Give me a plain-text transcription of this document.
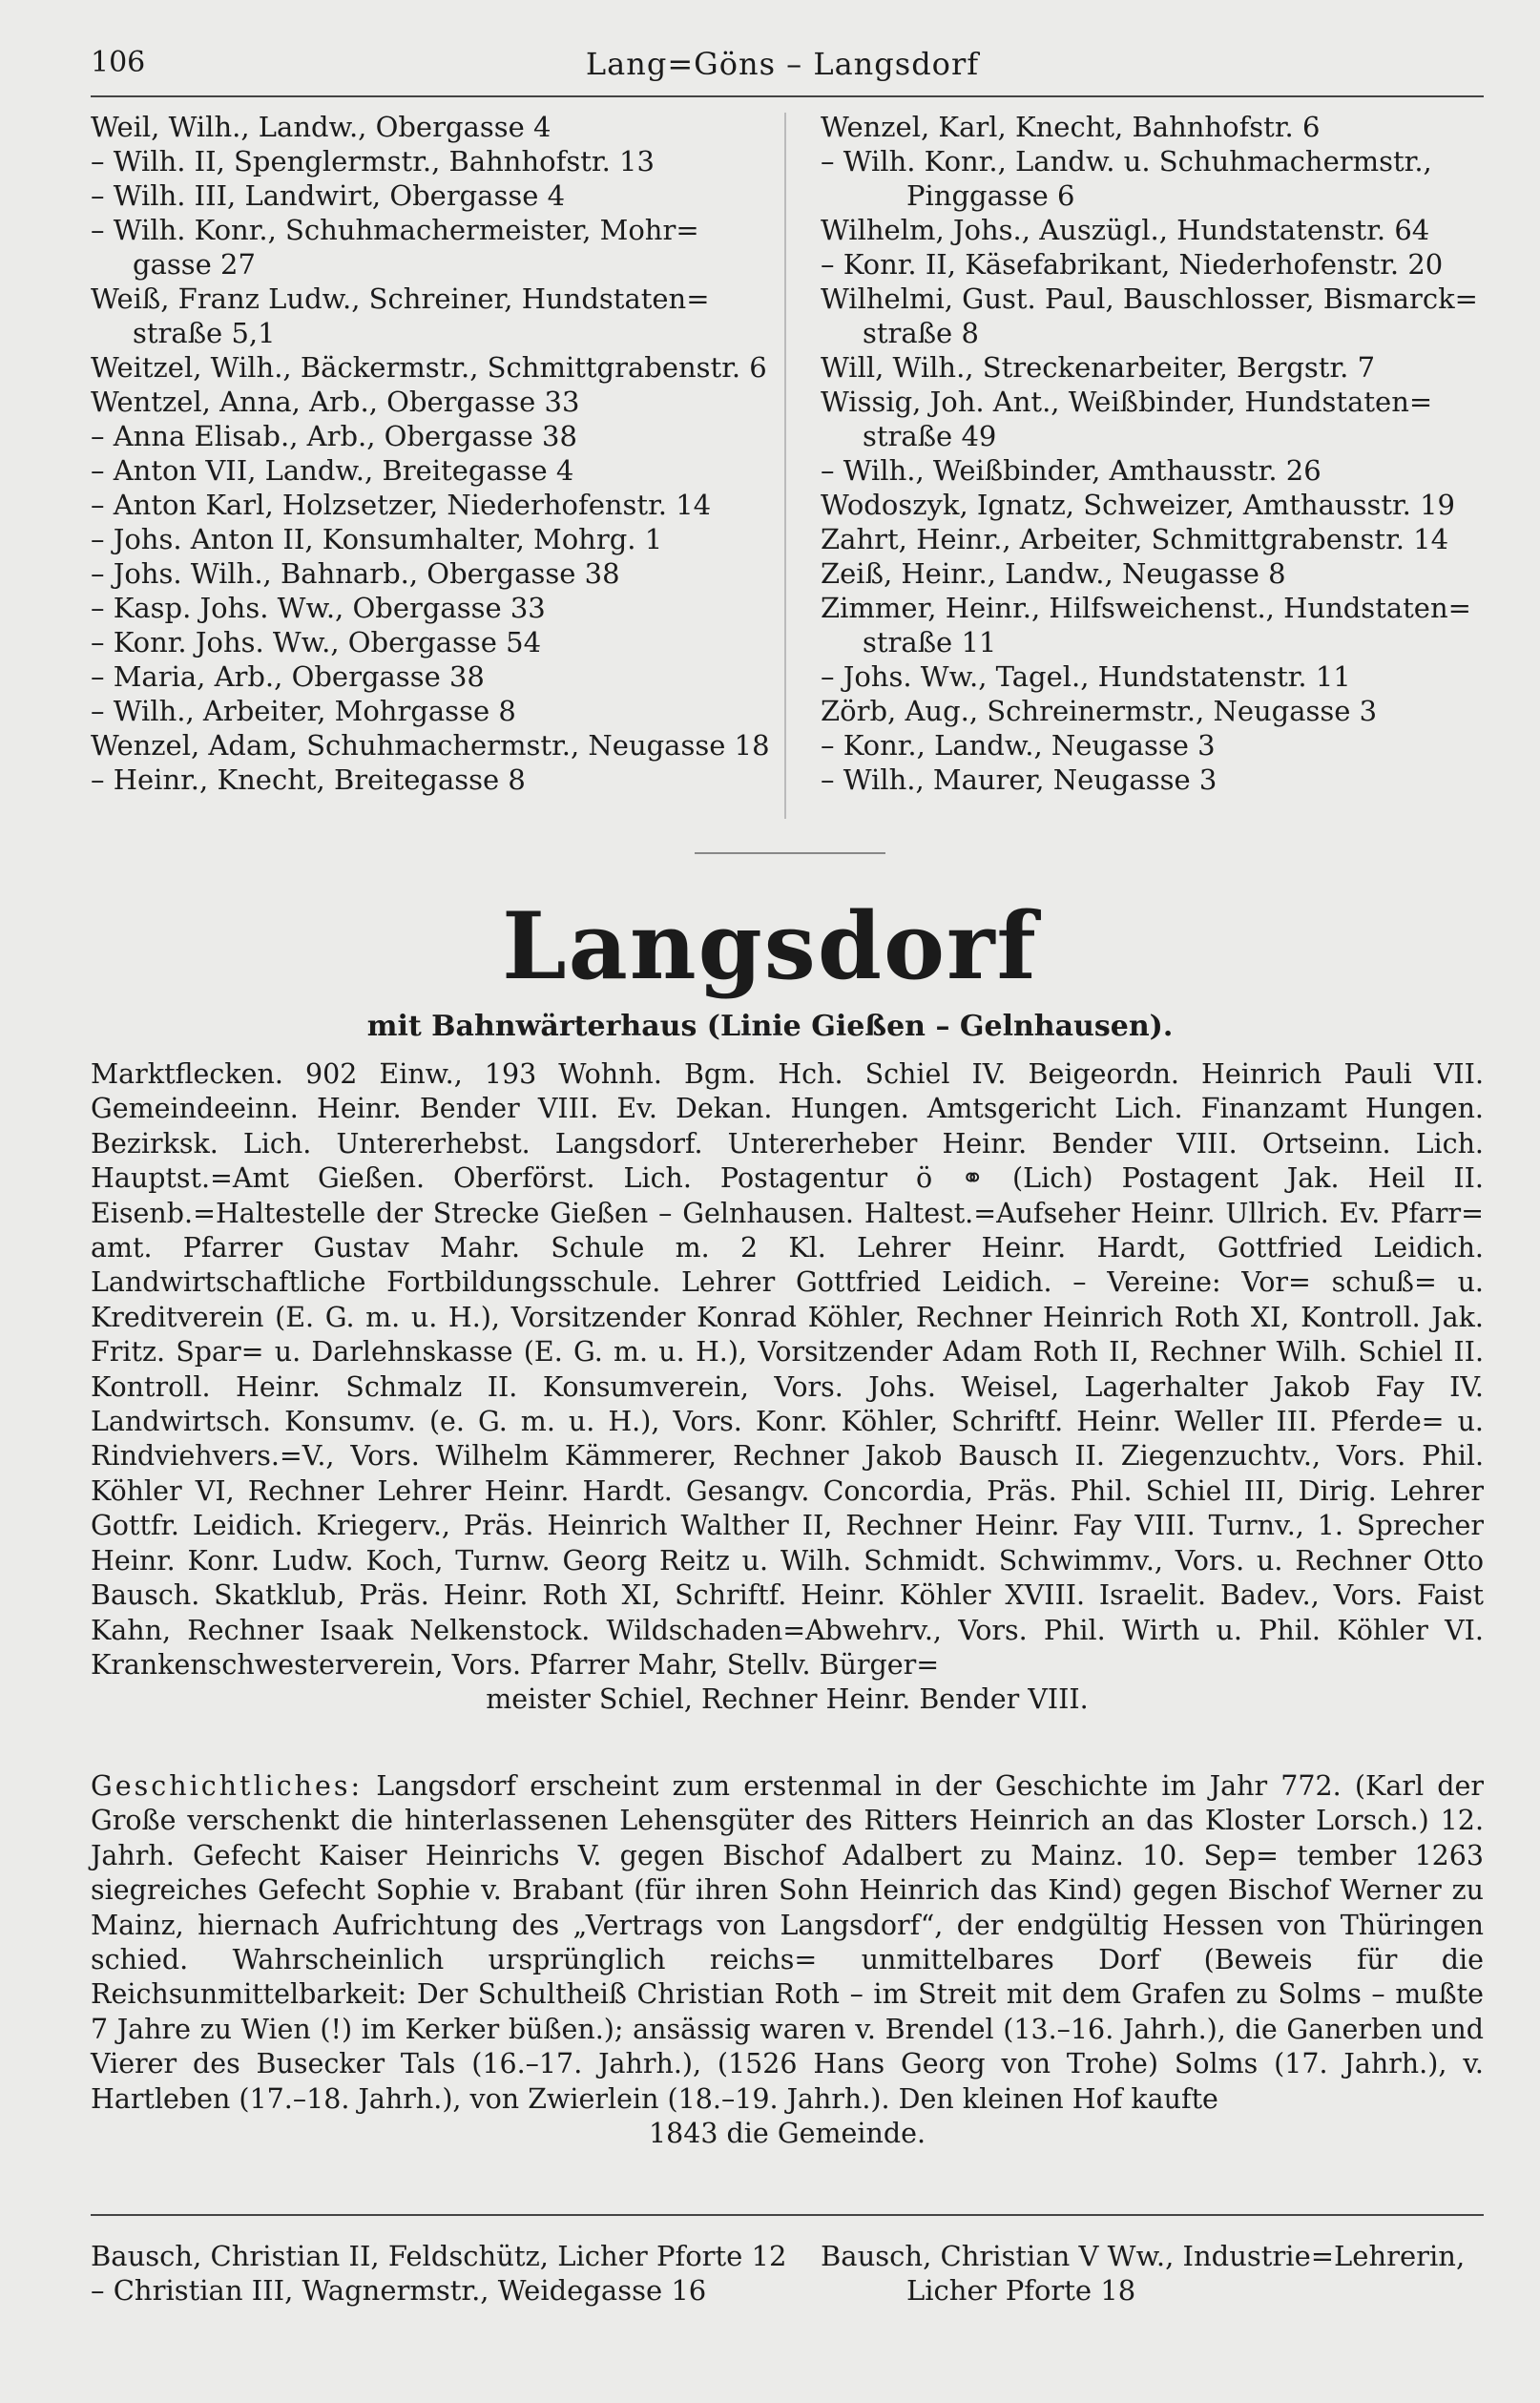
106	Lang=Göns – Langsdorf
Weil, Wilh., Landw., Obergasse 4
– Wilh. II, Spenglermstr., Bahnhofstr. 13
– Wilh. III, Landwirt, Obergasse 4
– Wilh. Konr., Schuhmachermeister, Mohr=
gasse 27
Weiß, Franz Ludw., Schreiner, Hundstaten=
straße 5,1
Weitzel, Wilh., Bäckermstr., Schmittgrabenstr. 6
Wentzel, Anna, Arb., Obergasse 33
– Anna Elisab., Arb., Obergasse 38
– Anton VII, Landw., Breitegasse 4
– Anton Karl, Holzsetzer, Niederhofenstr. 14
– Johs. Anton II, Konsumhalter, Mohrg. 1
– Johs. Wilh., Bahnarb., Obergasse 38
– Kasp. Johs. Ww., Obergasse 33
– Konr. Johs. Ww., Obergasse 54
– Maria, Arb., Obergasse 38
– Wilh., Arbeiter, Mohrgasse 8
Wenzel, Adam, Schuhmachermstr., Neugasse 18
– Heinr., Knecht, Breitegasse 8
Wenzel, Karl, Knecht, Bahnhofstr. 6
– Wilh. Konr., Landw. u. Schuhmachermstr.,
Pinggasse 6
Wilhelm, Johs., Auszügl., Hundstatenstr. 64
– Konr. II, Käsefabrikant, Niederhofenstr. 20
Wilhelmi, Gust. Paul, Bauschlosser, Bismarck=
straße 8
Will, Wilh., Streckenarbeiter, Bergstr. 7
Wissig, Joh. Ant., Weißbinder, Hundstaten=
straße 49
– Wilh., Weißbinder, Amthausstr. 26
Wodoszyk, Ignatz, Schweizer, Amthausstr. 19
Zahrt, Heinr., Arbeiter, Schmittgrabenstr. 14
Zeiß, Heinr., Landw., Neugasse 8
Zimmer, Heinr., Hilfsweichenst., Hundstaten=
straße 11
– Johs. Ww., Tagel., Hundstatenstr. 11
Zörb, Aug., Schreinermstr., Neugasse 3
– Konr., Landw., Neugasse 3
– Wilh., Maurer, Neugasse 3
Langsdorf
mit Bahnwärterhaus (Linie Gießen – Gelnhausen).

Marktflecken. 902 Einw., 193 Wohnh. Bgm. Hch. Schiel IV. Beigeordn. Heinrich Pauli VII. Gemeindeeinn. Heinr. Bender VIII. Ev. Dekan. Hungen. Amtsgericht Lich. Finanzamt Hungen. Bezirksk. Lich. Untererhebst. Langsdorf. Untererheber Heinr. Bender VIII. Ortseinn. Lich. Hauptst.=Amt Gießen. Oberförst. Lich. Postagentur ö ⚭ (Lich) Postagent Jak. Heil II. Eisenb.=Haltestelle der Strecke Gießen – Gelnhausen. Haltest.=Aufseher Heinr. Ullrich. Ev. Pfarr= amt. Pfarrer Gustav Mahr. Schule m. 2 Kl. Lehrer Heinr. Hardt, Gottfried Leidich. Landwirtschaftliche Fortbildungsschule. Lehrer Gottfried Leidich. – Vereine: Vor= schuß= u. Kreditverein (E. G. m. u. H.), Vorsitzender Konrad Köhler, Rechner Heinrich Roth XI, Kontroll. Jak. Fritz. Spar= u. Darlehnskasse (E. G. m. u. H.), Vorsitzender Adam Roth II, Rechner Wilh. Schiel II. Kontroll. Heinr. Schmalz II. Konsumverein, Vors. Johs. Weisel, Lagerhalter Jakob Fay IV. Landwirtsch. Konsumv. (e. G. m. u. H.), Vors. Konr. Köhler, Schriftf. Heinr. Weller III. Pferde= u. Rindviehvers.=V., Vors. Wilhelm Kämmerer, Rechner Jakob Bausch II. Ziegenzuchtv., Vors. Phil. Köhler VI, Rechner Lehrer Heinr. Hardt. Gesangv. Concordia, Präs. Phil. Schiel III, Dirig. Lehrer Gottfr. Leidich. Kriegerv., Präs. Heinrich Walther II, Rechner Heinr. Fay VIII. Turnv., 1. Sprecher Heinr. Konr. Ludw. Koch, Turnw. Georg Reitz u. Wilh. Schmidt. Schwimmv., Vors. u. Rechner Otto Bausch. Skatklub, Präs. Heinr. Roth XI, Schriftf. Heinr. Köhler XVIII. Israelit. Badev., Vors. Faist Kahn, Rechner Isaak Nelkenstock. Wildschaden=Abwehrv., Vors. Phil. Wirth u. Phil. Köhler VI. Krankenschwesterverein, Vors. Pfarrer Mahr, Stellv. Bürger=

meister Schiel, Rechner Heinr. Bender VIII.

Geschichtliches: Langsdorf erscheint zum erstenmal in der Geschichte im Jahr 772. (Karl der Große verschenkt die hinterlassenen Lehensgüter des Ritters Heinrich an das Kloster Lorsch.) 12. Jahrh. Gefecht Kaiser Heinrichs V. gegen Bischof Adalbert zu Mainz. 10. Sep= tember 1263 siegreiches Gefecht Sophie v. Brabant (für ihren Sohn Heinrich das Kind) gegen Bischof Werner zu Mainz, hiernach Aufrichtung des „Vertrags von Langsdorf“, der endgültig Hessen von Thüringen schied. Wahrscheinlich ursprünglich reichs= unmittelbares Dorf (Beweis für die Reichsunmittelbarkeit: Der Schultheiß Christian Roth – im Streit mit dem Grafen zu Solms – mußte 7 Jahre zu Wien (!) im Kerker büßen.); ansässig waren v. Brendel (13.–16. Jahrh.), die Ganerben und Vierer des Busecker Tals (16.–17. Jahrh.), (1526 Hans Georg von Trohe) Solms (17. Jahrh.), v. Hartleben (17.–18. Jahrh.), von Zwierlein (18.–19. Jahrh.). Den kleinen Hof kaufte

1843 die Gemeinde.

Bausch, Christian II, Feldschütz, Licher Pforte 12
– Christian III, Wagnermstr., Weidegasse 16
Bausch, Christian V Ww., Industrie=Lehrerin,
Licher Pforte 18
